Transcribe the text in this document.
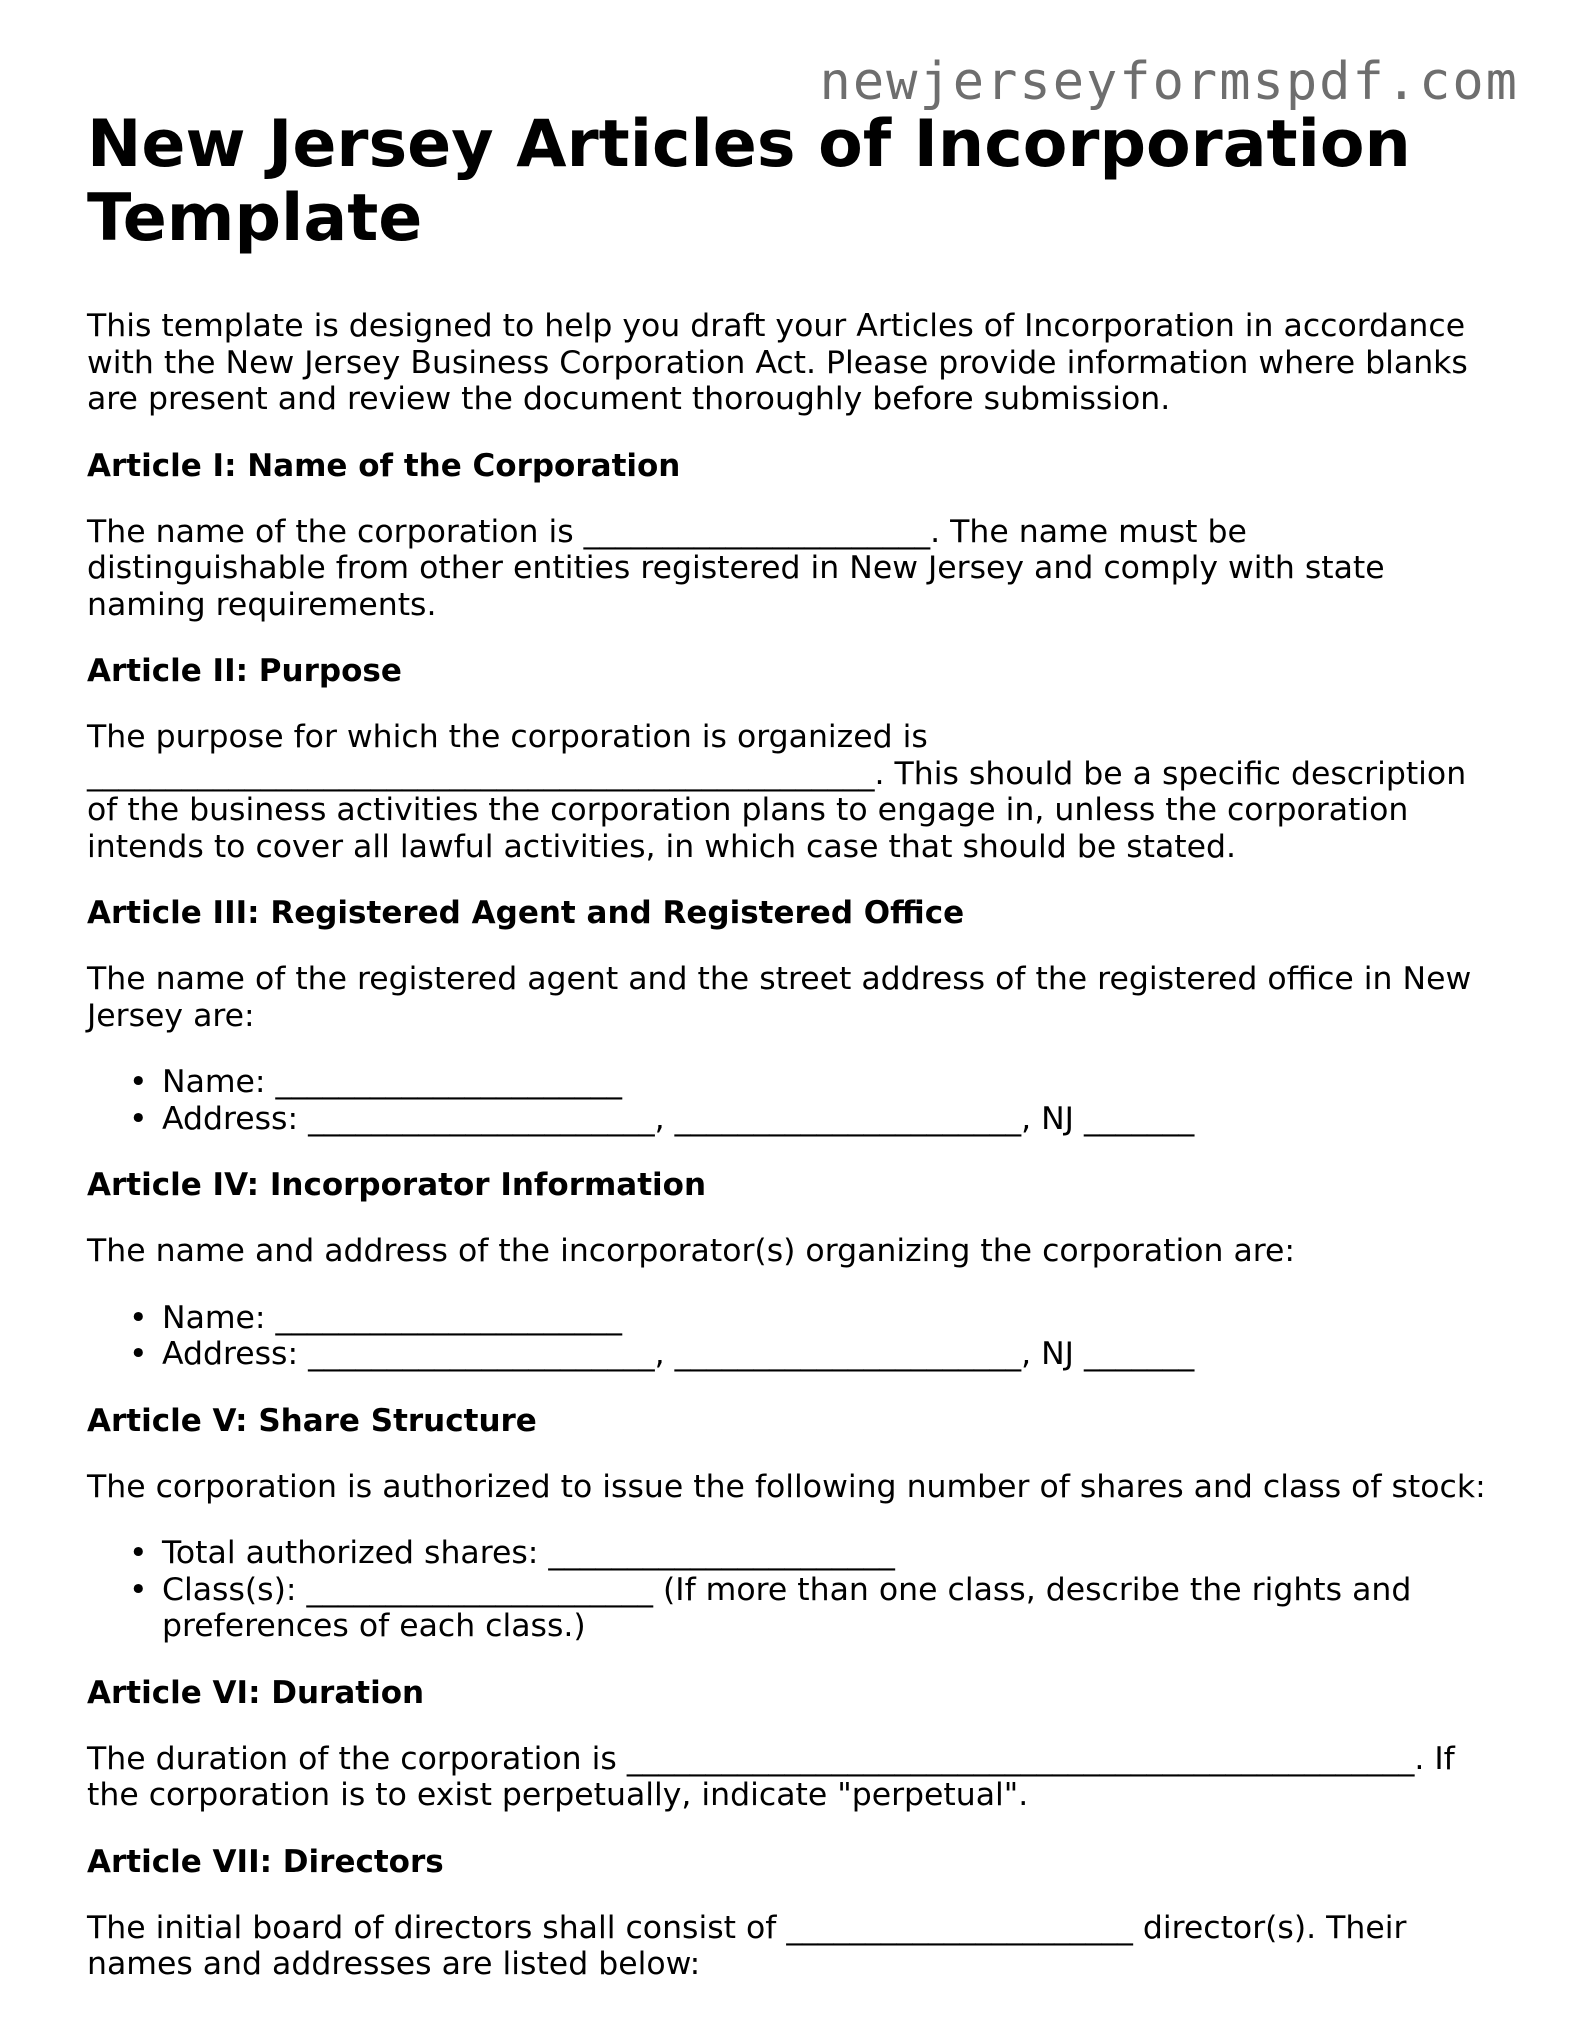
newjerseyformspdf.com
New Jersey Articles of Incorporation Template

This template is designed to help you draft your Articles of Incorporation in accordance with the New Jersey Business Corporation Act. Please provide information where blanks are present and review the document thoroughly before submission.

Article I: Name of the Corporation

The name of the corporation is ______________________. The name must be distinguishable from other entities registered in New Jersey and comply with state naming requirements.

Article II: Purpose

The purpose for which the corporation is organized is __________________________________________________. This should be a specific description of the business activities the corporation plans to engage in, unless the corporation intends to cover all lawful activities, in which case that should be stated.

Article III: Registered Agent and Registered Office

The name of the registered agent and the street address of the registered office in New Jersey are:

• Name: ______________________
• Address: ______________________, ______________________, NJ _______
Article IV: Incorporator Information

The name and address of the incorporator(s) organizing the corporation are:

• Name: ______________________
• Address: ______________________, ______________________, NJ _______
Article V: Share Structure

The corporation is authorized to issue the following number of shares and class of stock:

• Total authorized shares: ______________________
• Class(s): ______________________ (If more than one class, describe the rights and preferences of each class.)
Article VI: Duration

The duration of the corporation is __________________________________________________. If the corporation is to exist perpetually, indicate "perpetual".

Article VII: Directors

The initial board of directors shall consist of ______________________ director(s). Their names and addresses are listed below:
